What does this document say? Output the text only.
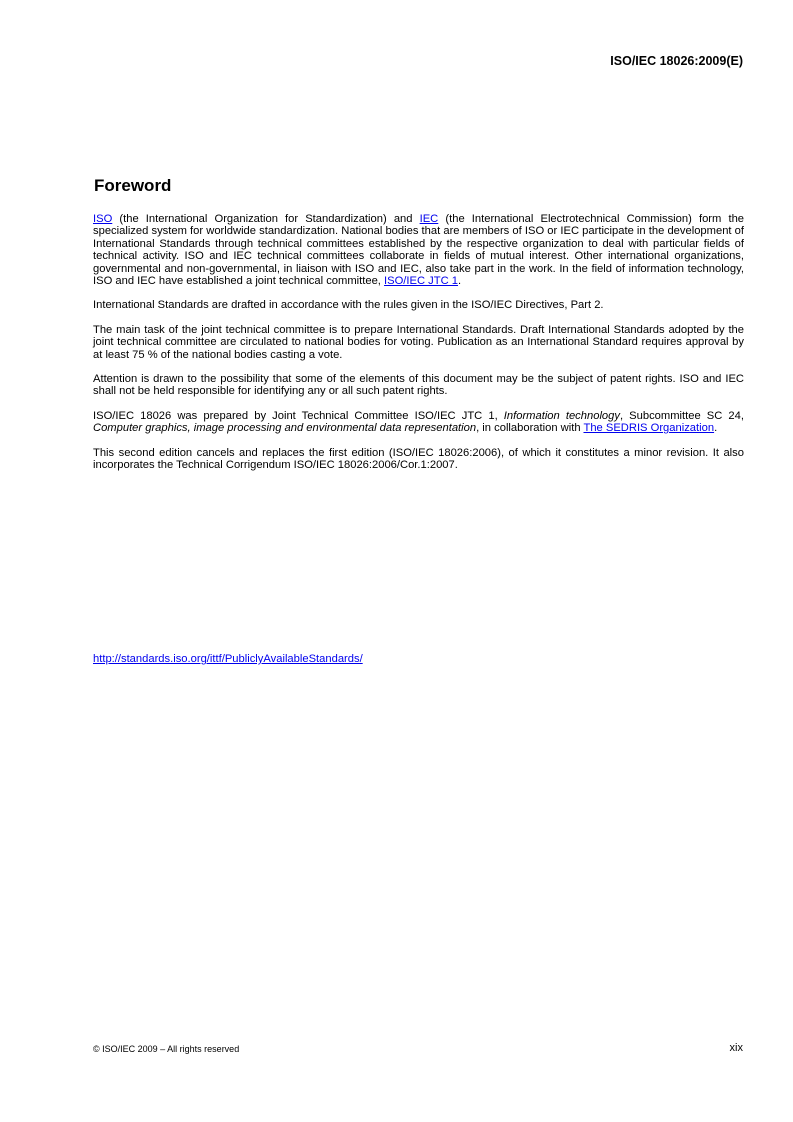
ISO/IEC 18026:2009(E)
Foreword

ISO (the International Organization for Standardization) and IEC (the International Electrotechnical Commission) form the specialized system for worldwide standardization. National bodies that are members of ISO or IEC participate in the development of International Standards through technical committees established by the respective organization to deal with particular fields of technical activity. ISO and IEC technical committees collaborate in fields of mutual interest. Other international organizations, governmental and non-governmental, in liaison with ISO and IEC, also take part in the work. In the field of information technology, ISO and IEC have established a joint technical committee, ISO/IEC JTC 1.

International Standards are drafted in accordance with the rules given in the ISO/IEC Directives, Part 2.

The main task of the joint technical committee is to prepare International Standards. Draft International Standards adopted by the joint technical committee are circulated to national bodies for voting. Publication as an International Standard requires approval by at least 75 % of the national bodies casting a vote.

Attention is drawn to the possibility that some of the elements of this document may be the subject of patent rights. ISO and IEC shall not be held responsible for identifying any or all such patent rights.

ISO/IEC 18026 was prepared by Joint Technical Committee ISO/IEC JTC 1, Information technology, Subcommittee SC 24, Computer graphics, image processing and environmental data representation, in collaboration with The SEDRIS Organization.

This second edition cancels and replaces the first edition (ISO/IEC 18026:2006), of which it constitutes a minor revision. It also incorporates the Technical Corrigendum ISO/IEC 18026:2006/Cor.1:2007.

http://standards.iso.org/ittf/PubliclyAvailableStandards/
© ISO/IEC 2009 – All rights reserved	xix
